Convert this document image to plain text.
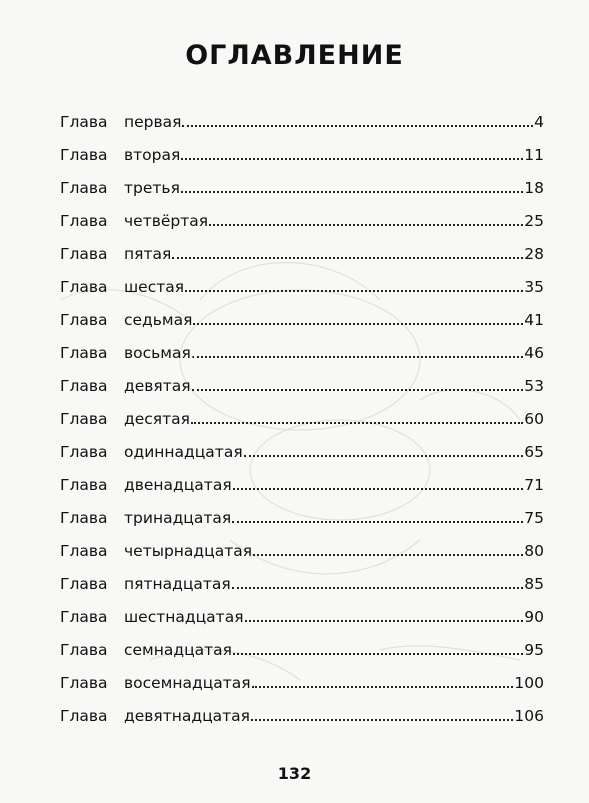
ОГЛАВЛЕНИЕ
Глава	первая	4
Глава	вторая	11
Глава	третья	18
Глава	четвёртая	25
Глава	пятая	28
Глава	шестая	35
Глава	седьмая	41
Глава	восьмая.	46
Глава	девятая	53
Глава	десятая	60
Глава	одиннадцатая	65
Глава	двенадцатая	71
Глава	тринадцатая	75
Глава	четырнадцатая	80
Глава	пятнадцатая	85
Глава	шестнадцатая	90
Глава	семнадцатая	95
Глава	восемнадцатая	100
Глава	девятнадцатая	106
132
